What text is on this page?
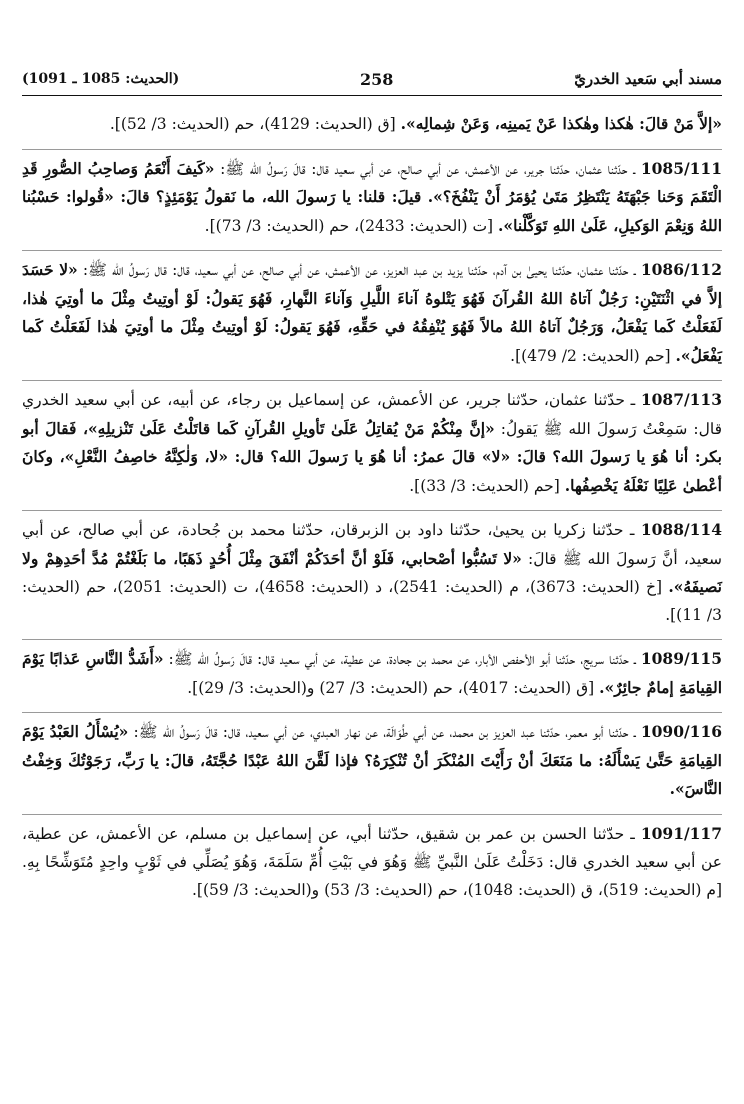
مسند أبي سَعيد الخدريّ
258
(الحديث: 1085 ـ 1091)

«إلاَّ مَنْ قالَ: هٰكذا وهٰكذا عَنْ يَمينِه، وَعَنْ شِمالِه». [ق (الحديث: 4129)، حم (الحديث: 3/ 52)].

1085/111 ـ حدّثنا عثمان، حدّثنا جرير، عن الأعمش، عن أبي صالح، عن أبي سعيد قال: قالَ رَسولُ الله ﷺ: «كَيفَ أَنْعَمُ وَصاحِبُ الصُّورِ قَدِ الْتَقَمَ وَحَنا جَبْهَتَهُ يَنْتَظِرُ مَتَىٰ يُؤمَرُ أَنْ يَنْفُخَ؟». قيلَ: قلنا: يا رَسولَ الله، ما نَقولُ يَوْمَئِذٍ؟ قالَ: «قُولوا: حَسْبُنا اللهُ وَنِعْمَ الوَكيلِ، عَلَىٰ اللهِ تَوَكَّلْنا». [ت (الحديث: 2433)، حم (الحديث: 3/ 73)].

1086/112 ـ حدّثنا عثمان، حدّثنا يحيىٰ بن آدم، حدّثنا يزيد بن عبد العزيز، عن الأعمش، عن أبي صالح، عن أبي سعيد، قال: قال رَسولُ الله ﷺ: «لا حَسَدَ إلاَّ في اثْنَتَيْنِ: رَجُلٌ آتاهُ اللهُ القُرآنَ فَهُوَ يَتْلوهُ آناءَ اللَّيلِ وَآناءَ النَّهارِ، فَهُوَ يَقولُ: لَوْ أوتِيتُ مِثْلَ ما أوتِيَ هٰذا، لَفَعَلْتُ كَما يَفْعَلُ، وَرَجُلٌ آتاهُ اللهُ مالاً فَهُوَ يُنْفِقُهُ في حَقِّهِ، فَهُوَ يَقولُ: لَوْ أوتِيتُ مِثْلَ ما أوتِيَ هٰذا لَفَعَلْتُ كَما يَفْعَلُ». [حم (الحديث: 2/ 479)].

1087/113 ـ حدّثنا عثمان، حدّثنا جرير، عن الأعمش، عن إسماعيل بن رجاء، عن أبيه، عن أبي سعيد الخدري قال: سَمِعْتُ رَسولَ الله ﷺ يَقولُ: «إنَّ مِنْكُمْ مَنْ يُقاتِلُ عَلَىٰ تَأويلِ القُرآنِ كَما قاتَلْتُ عَلَىٰ تَنْزيلِهِ»، فَقالَ أبو بكر: أنا هُوَ يا رَسولَ الله؟ قالَ: «لا» قالَ عمرُ: أنا هُوَ يا رَسولَ الله؟ قال: «لا، وَلٰكِنَّهُ خاصِفُ النَّعْلِ»، وكانَ أعْطىٰ عَلِيًا نَعْلَهُ يَخْصِفُها. [حم (الحديث: 3/ 33)].

1088/114 ـ حدّثنا زكريا بن يحيىٰ، حدّثنا داود بن الزبرقان، حدّثنا محمد بن جُحادة، عن أبي صالح، عن أبي سعيد، أنَّ رَسولَ الله ﷺ قالَ: «لا تَسُبُّوا أصْحابي، فَلَوْ أنَّ أحَدَكُمْ أنْفَقَ مِثْلَ أُحُدٍ ذَهَبًا، ما بَلَغْتُمْ مُدَّ أحَدِهِمْ ولا نَصيفَهُ». [خ (الحديث: 3673)، م (الحديث: 2541)، د (الحديث: 4658)، ت (الحديث: 2051)، حم (الحديث: 3/ 11)].

1089/115 ـ حدّثنا سريج، حدّثنا أبو الأحفص الأبار، عن محمد بن جحادة، عن عطية، عن أبي سعيد قال: قالَ رَسولُ الله ﷺ: «أَشَدُّ النَّاسِ عَذابًا يَوْمَ القِيامَةِ إمامٌ جائِرٌ». [ق (الحديث: 4017)، حم (الحديث: 3/ 27) و(الحديث: 3/ 29)].

1090/116 ـ حدّثنا أبو معمر، حدّثنا عبد العزيز بن محمد، عن أبي طُوَالَة، عن نهار العبدي، عن أبي سعيد، قال: قالَ رَسولُ الله ﷺ: «يُسْأَلُ العَبْدُ يَوْمَ القِيامَةِ حَتَّىٰ يَسْأَلَهُ: ما مَنَعَكَ أنْ رَأَيْتَ المُنْكَرَ أنْ تُنْكِرَهُ؟ فإذا لَقَّنَ اللهُ عَبْدًا حُجَّتَهُ، قالَ: يا رَبِّ، رَجَوْتُكَ وَخِفْتُ النَّاسَ».

1091/117 ـ حدّثنا الحسن بن عمر بن شقيق، حدّثنا أبي، عن إسماعيل بن مسلم، عن الأعمش، عن عطية، عن أبي سعيد الخدري قال: دَخَلْتُ عَلَىٰ النَّبيِّ ﷺ وَهُوَ في بَيْتِ أُمِّ سَلَمَةَ، وَهُوَ يُصَلِّي في ثَوْبٍ واحِدٍ مُتَوَشِّحًا بِهِ. [م (الحديث: 519)، ق (الحديث: 1048)، حم (الحديث: 3/ 53) و(الحديث: 3/ 59)].
